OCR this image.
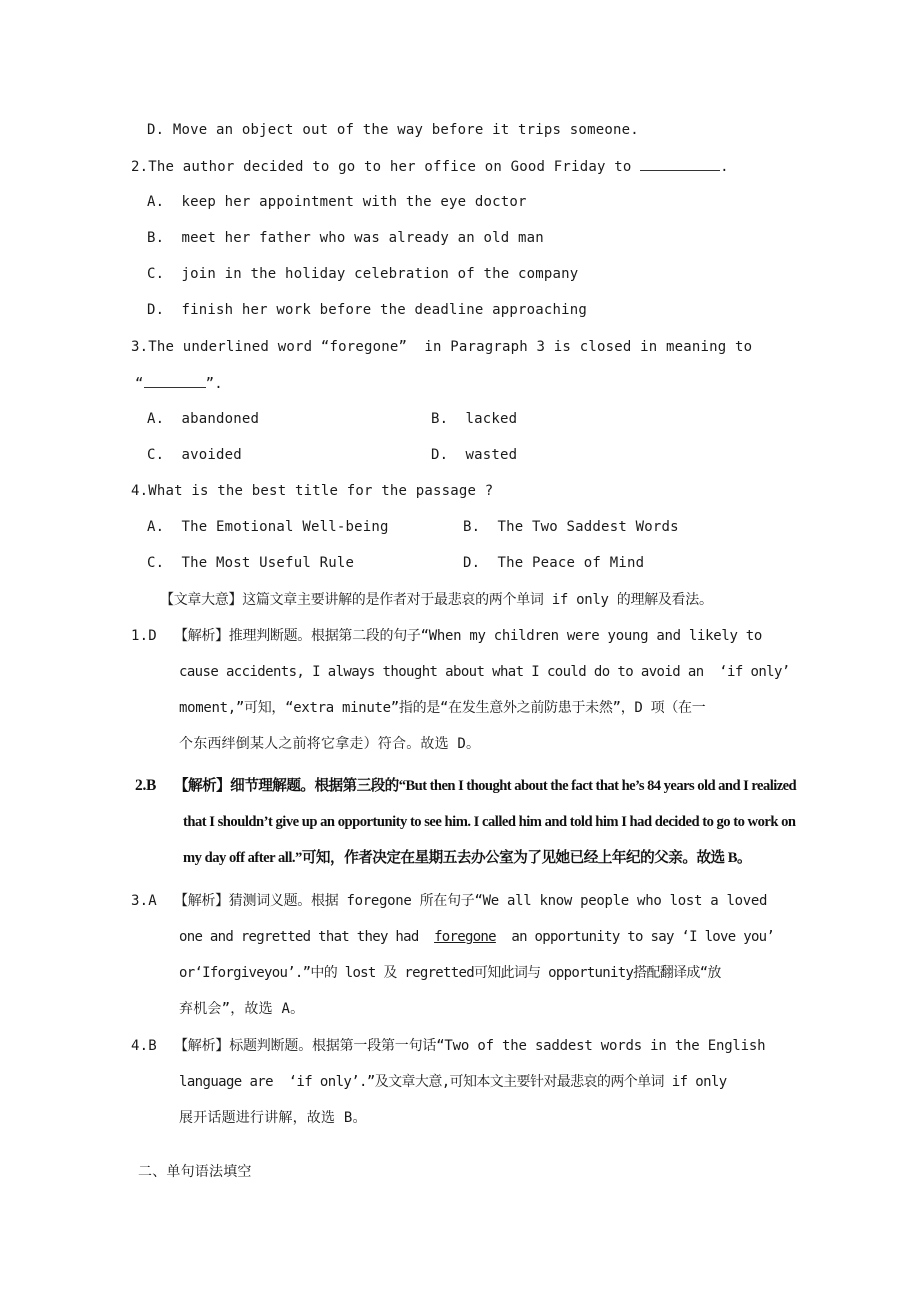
D. Move an object out of the way before it trips someone.
2.The author decided to go to her office on Good Friday to	.
A.  keep her appointment with the eye doctor
B.  meet her father who was already an old man
C.  join in the holiday celebration of the company
D.  finish her work before the deadline approaching
3.The underlined word “foregone”  in Paragraph 3 is closed in meaning to
“	”.
A.  abandoned	B.  lacked
C.  avoided	D.  wasted
4.What is the best title for the passage ?
A.  The Emotional Well-being	B.  The Two Saddest Words
C.  The Most Useful Rule	D.  The Peace of Mind
【文章大意】这篇文章主要讲解的是作者对于最悲哀的两个单词 if only 的理解及看法。
1.D 【解析】推理判断题。根据第二段的句子“When my children were young and likely to
cause accidents, I always thought about what I could do to avoid an  ‘if only’
moment,”可知，“extra minute”指的是“在发生意外之前防患于未然”，D 项（在一
个东西绊倒某人之前将它拿走）符合。故选 D。
2.B 【解析】细节理解题。根据第三段的“But then I thought about the fact that he’s 84 years old and I realized
that I shouldn’t give up an opportunity to see him. I called him and told him I had decided to go to work on
my day off after all.”可知，作者决定在星期五去办公室为了见她已经上年纪的父亲。故选 B。
3.A 【解析】猜测词义题。根据 foregone 所在句子“We all know people who lost a loved
one and regretted that they had  foregone  an opportunity to say ‘I love you’
or‘Iforgiveyou’.”中的 lost 及 regretted可知此词与 opportunity搭配翻译成“放
弃机会”，故选 A。
4.B 【解析】标题判断题。根据第一段第一句话“Two of the saddest words in the English
language are  ‘if only’.”及文章大意,可知本文主要针对最悲哀的两个单词 if only
展开话题进行讲解，故选 B。
二、单句语法填空
